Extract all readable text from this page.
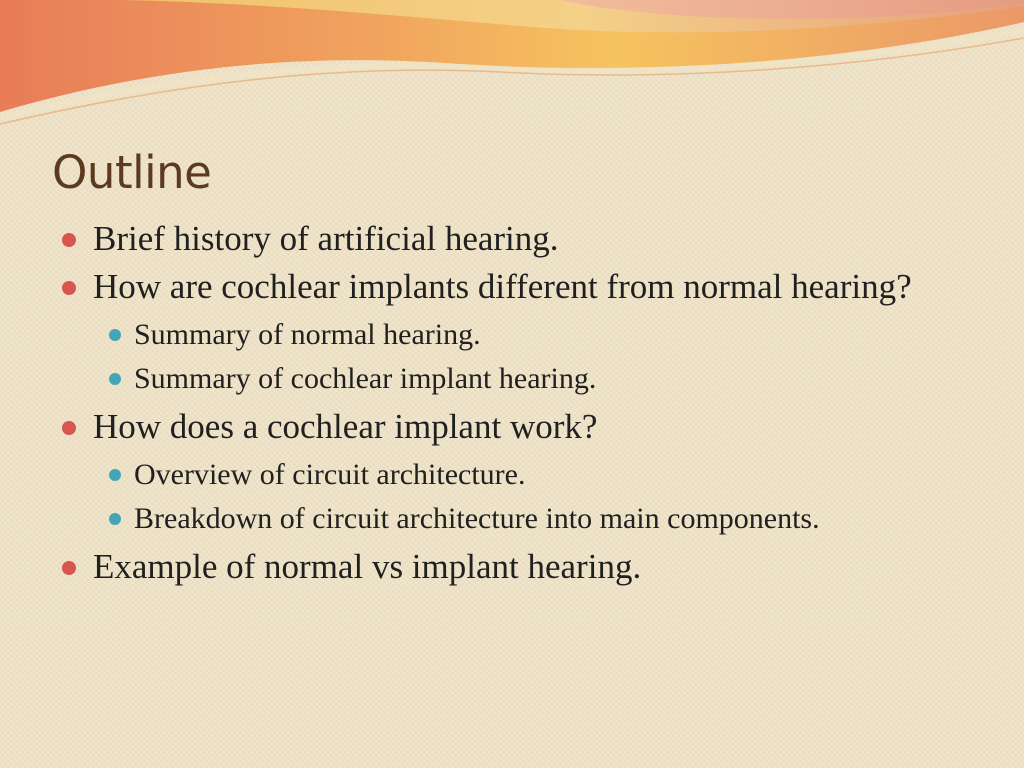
Outline
Brief history of artificial hearing.
How are cochlear implants different from normal hearing?
Summary of normal hearing.
Summary of cochlear implant hearing.
How does a cochlear implant work?
Overview of circuit architecture.
Breakdown of circuit architecture into main components.
Example of normal vs implant hearing.
